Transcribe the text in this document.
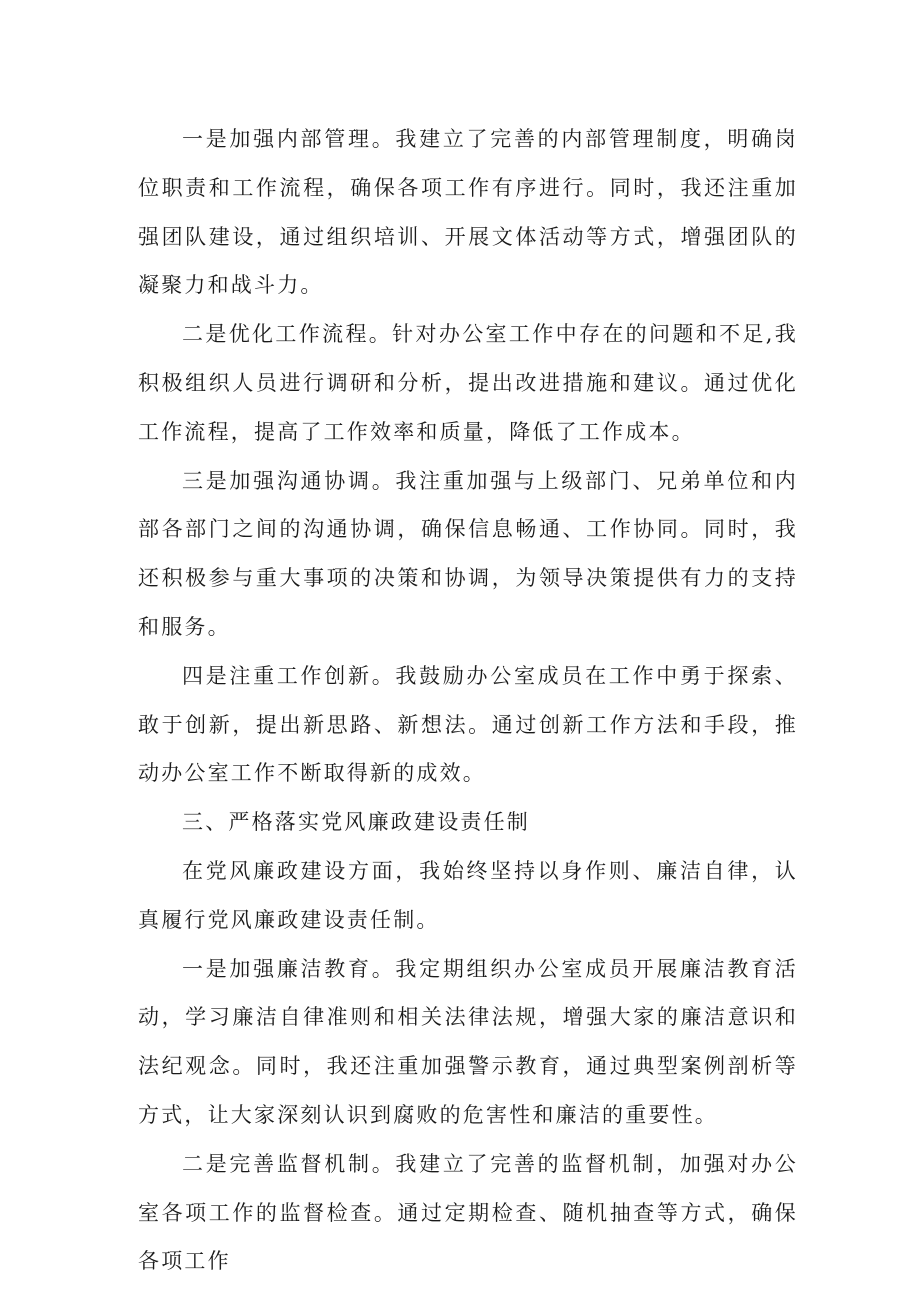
一是加强内部管理。我建立了完善的内部管理制度，明确岗位职责和工作流程，确保各项工作有序进行。同时，我还注重加强团队建设，通过组织培训、开展文体活动等方式，增强团队的凝聚力和战斗力。

二是优化工作流程。针对办公室工作中存在的问题和不足,我积极组织人员进行调研和分析，提出改进措施和建议。通过优化工作流程，提高了工作效率和质量，降低了工作成本。

三是加强沟通协调。我注重加强与上级部门、兄弟单位和内部各部门之间的沟通协调，确保信息畅通、工作协同。同时，我还积极参与重大事项的决策和协调，为领导决策提供有力的支持和服务。

四是注重工作创新。我鼓励办公室成员在工作中勇于探索、敢于创新，提出新思路、新想法。通过创新工作方法和手段，推动办公室工作不断取得新的成效。

三、严格落实党风廉政建设责任制

在党风廉政建设方面，我始终坚持以身作则、廉洁自律，认真履行党风廉政建设责任制。

一是加强廉洁教育。我定期组织办公室成员开展廉洁教育活动，学习廉洁自律准则和相关法律法规，增强大家的廉洁意识和法纪观念。同时，我还注重加强警示教育，通过典型案例剖析等方式，让大家深刻认识到腐败的危害性和廉洁的重要性。

二是完善监督机制。我建立了完善的监督机制，加强对办公室各项工作的监督检查。通过定期检查、随机抽查等方式，确保各项工作
